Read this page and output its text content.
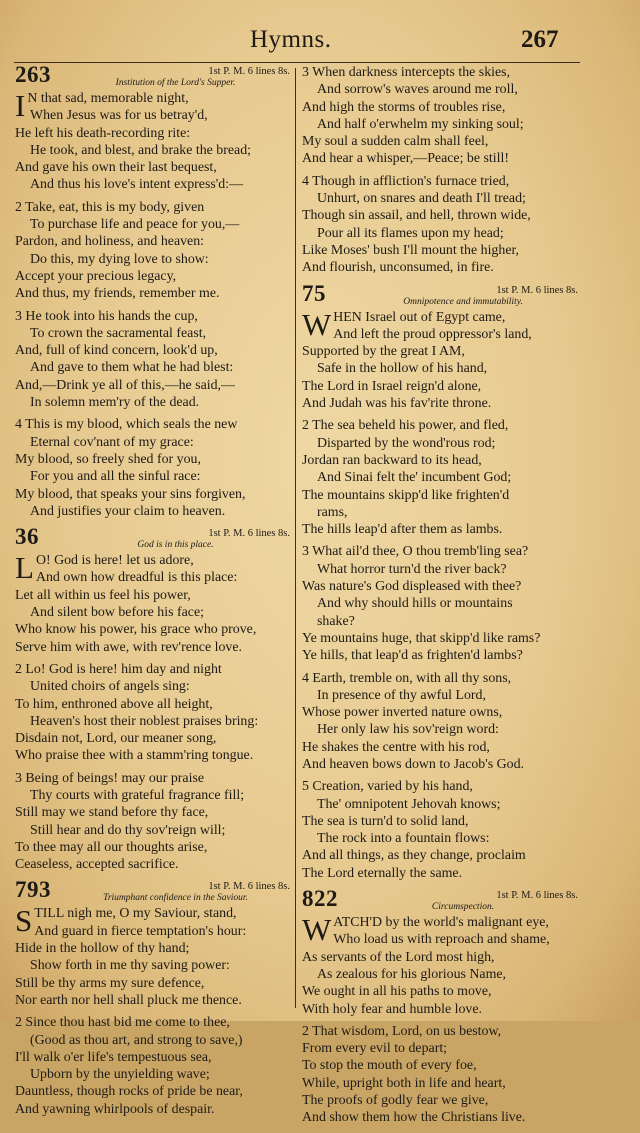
Hymns.	267
263	1st P. M. 6 lines 8s.
Institution of the Lord's Supper.
I N that sad, memorable night,
When Jesus was for us betray'd,
He left his death-recording rite:
He took, and blest, and brake the bread;
And gave his own their last bequest,
And thus his love's intent express'd:—
2 Take, eat, this is my body, given
To purchase life and peace for you,—
Pardon, and holiness, and heaven:
Do this, my dying love to show:
Accept your precious legacy,
And thus, my friends, remember me.
3 He took into his hands the cup,
To crown the sacramental feast,
And, full of kind concern, look'd up,
And gave to them what he had blest:
And,—Drink ye all of this,—he said,—
In solemn mem'ry of the dead.
4 This is my blood, which seals the new
Eternal cov'nant of my grace:
My blood, so freely shed for you,
For you and all the sinful race:
My blood, that speaks your sins forgiven,
And justifies your claim to heaven.
36	1st P. M. 6 lines 8s.
God is in this place.
L O! God is here! let us adore,
And own how dreadful is this place:
Let all within us feel his power,
And silent bow before his face;
Who know his power, his grace who prove,
Serve him with awe, with rev'rence love.
2 Lo! God is here! him day and night
United choirs of angels sing:
To him, enthroned above all height,
Heaven's host their noblest praises bring:
Disdain not, Lord, our meaner song,
Who praise thee with a stamm'ring tongue.
3 Being of beings! may our praise
Thy courts with grateful fragrance fill;
Still may we stand before thy face,
Still hear and do thy sov'reign will;
To thee may all our thoughts arise,
Ceaseless, accepted sacrifice.
793	1st P. M. 6 lines 8s.
Triumphant confidence in the Saviour.
STILL nigh me, O my Saviour, stand,
And guard in fierce temptation's hour:
Hide in the hollow of thy hand;
Show forth in me thy saving power:
Still be thy arms my sure defence,
Nor earth nor hell shall pluck me thence.
2 Since thou hast bid me come to thee,
(Good as thou art, and strong to save,)
I'll walk o'er life's tempestuous sea,
Upborn by the unyielding wave;
Dauntless, though rocks of pride be near,
And yawning whirlpools of despair.
3 When darkness intercepts the skies,
And sorrow's waves around me roll,
And high the storms of troubles rise,
And half o'erwhelm my sinking soul;
My soul a sudden calm shall feel,
And hear a whisper,—Peace; be still!
4 Though in affliction's furnace tried,
Unhurt, on snares and death I'll tread;
Though sin assail, and hell, thrown wide,
Pour all its flames upon my head;
Like Moses' bush I'll mount the higher,
And flourish, unconsumed, in fire.
75	1st P. M. 6 lines 8s.
Omnipotence and immutability.
WHEN Israel out of Egypt came,
And left the proud oppressor's land,
Supported by the great I AM,
Safe in the hollow of his hand,
The Lord in Israel reign'd alone,
And Judah was his fav'rite throne.
2 The sea beheld his power, and fled,
Disparted by the wond'rous rod;
Jordan ran backward to its head,
And Sinai felt the' incumbent God;
The mountains skipp'd like frighten'd
rams,
The hills leap'd after them as lambs.
3 What ail'd thee, O thou tremb'ling sea?
What horror turn'd the river back?
Was nature's God displeased with thee?
And why should hills or mountains
shake?
Ye mountains huge, that skipp'd like rams?
Ye hills, that leap'd as frighten'd lambs?
4 Earth, tremble on, with all thy sons,
In presence of thy awful Lord,
Whose power inverted nature owns,
Her only law his sov'reign word:
He shakes the centre with his rod,
And heaven bows down to Jacob's God.
5 Creation, varied by his hand,
The' omnipotent Jehovah knows;
The sea is turn'd to solid land,
The rock into a fountain flows:
And all things, as they change, proclaim
The Lord eternally the same.
822	1st P. M. 6 lines 8s.
Circumspection.
WATCH'D by the world's malignant eye,
Who load us with reproach and shame,
As servants of the Lord most high,
As zealous for his glorious Name,
We ought in all his paths to move,
With holy fear and humble love.
2 That wisdom, Lord, on us bestow,
From every evil to depart;
To stop the mouth of every foe,
While, upright both in life and heart,
The proofs of godly fear we give,
And show them how the Christians live.
